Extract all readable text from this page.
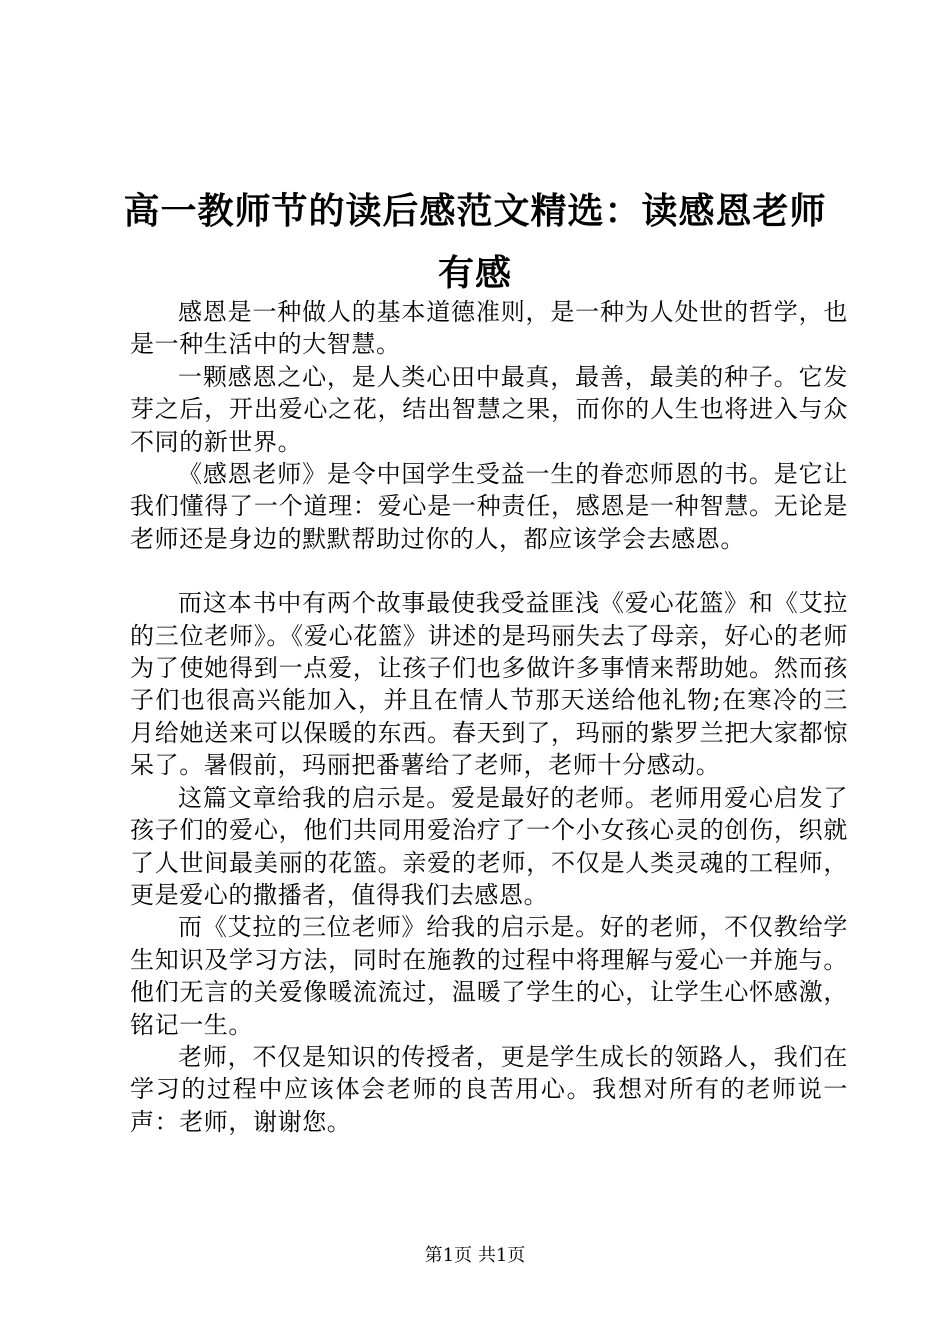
高一教师节的读后感范文精选：读感恩老师有感

感恩是一种做人的基本道德准则，是一种为人处世的哲学，也是一种生活中的大智慧。

一颗感恩之心，是人类心田中最真，最善，最美的种子。它发芽之后，开出爱心之花，结出智慧之果，而你的人生也将进入与众不同的新世界。

《感恩老师》是令中国学生受益一生的眷恋师恩的书。是它让我们懂得了一个道理：爱心是一种责任，感恩是一种智慧。无论是老师还是身边的默默帮助过你的人，都应该学会去感恩。

而这本书中有两个故事最使我受益匪浅《爱心花篮》和《艾拉的三位老师》。《爱心花篮》讲述的是玛丽失去了母亲，好心的老师为了使她得到一点爱，让孩子们也多做许多事情来帮助她。然而孩子们也很高兴能加入，并且在情人节那天送给他礼物;在寒冷的三月给她送来可以保暖的东西。春天到了，玛丽的紫罗兰把大家都惊呆了。暑假前，玛丽把番薯给了老师，老师十分感动。

这篇文章给我的启示是。爱是最好的老师。老师用爱心启发了孩子们的爱心，他们共同用爱治疗了一个小女孩心灵的创伤，织就了人世间最美丽的花篮。亲爱的老师，不仅是人类灵魂的工程师，更是爱心的撒播者，值得我们去感恩。

而《艾拉的三位老师》给我的启示是。好的老师，不仅教给学生知识及学习方法，同时在施教的过程中将理解与爱心一并施与。他们无言的关爱像暖流流过，温暖了学生的心，让学生心怀感激，铭记一生。

老师，不仅是知识的传授者，更是学生成长的领路人，我们在学习的过程中应该体会老师的良苦用心。我想对所有的老师说一声：老师，谢谢您。

第1页 共1页
